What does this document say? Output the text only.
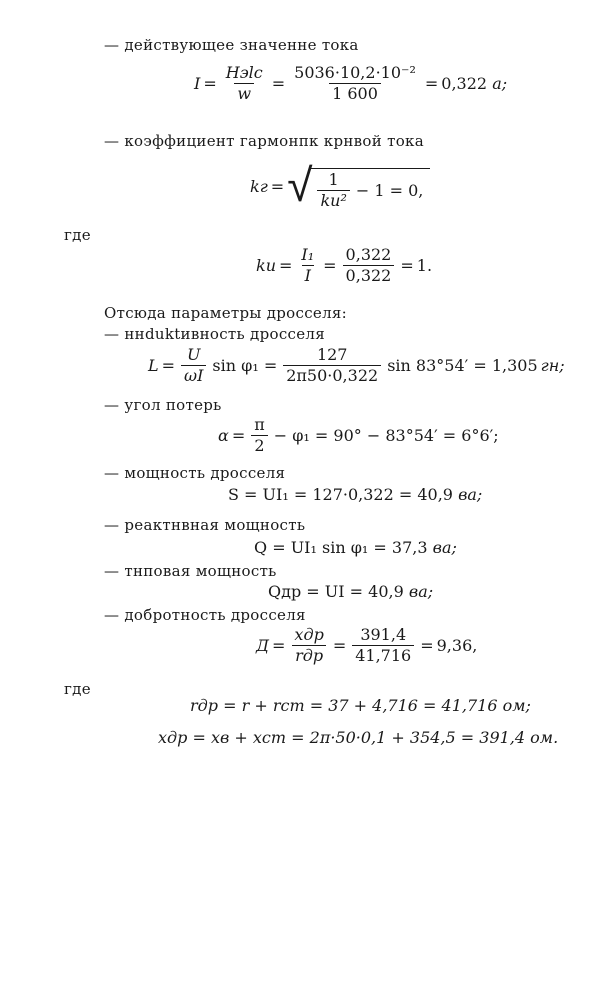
— действующее значенне тока
$I = \frac{\text{Hэlс}}{w} = \frac{\text{5036·10,2·10⁻²}}{1 600} = 0,322$
а;
— коэффициент гармонпк крнвой тока
kг = √ $\frac{1}{\text{kи²}} - 1 = 0$,
где
kи = $\frac{\text{I₁}}{I} = \frac{0,322}{0,322} = 1$.
Отсюда параметры дросселя:
— ннduktивность дросселя
$L = \frac{U}{\omega I}$ $\sin \varphi_1 = \frac{127}{2\pi 50\cdot 0,322}$ sin 83°54′ = 1,305 гн;
— угол потерь
$\alpha = \frac{\pi}{2} - \varphi_1 = 90^\circ - 83^\circ 54' = 6^\circ 6'$;
— мощность дросселя
S = UI₁ = 127·0,322 = 40,9
ва;
— реактнвная мощность
Q = UI₁ sin φ₁ = 37,3
ва;
— тнповая мощность
Qдр = UI = 40,9
ва;
— добротность дросселя
$Д = \frac{\text{xдр}}{\text{rдр}} = \frac{391,4}{41,716} = 9,36$,
где
rдр = r + rст = 37 + 4,716 = 41,716
ом;
xдр = xв + xст = 2π·50·0,1 + 354,5 = 391,4
ом.
